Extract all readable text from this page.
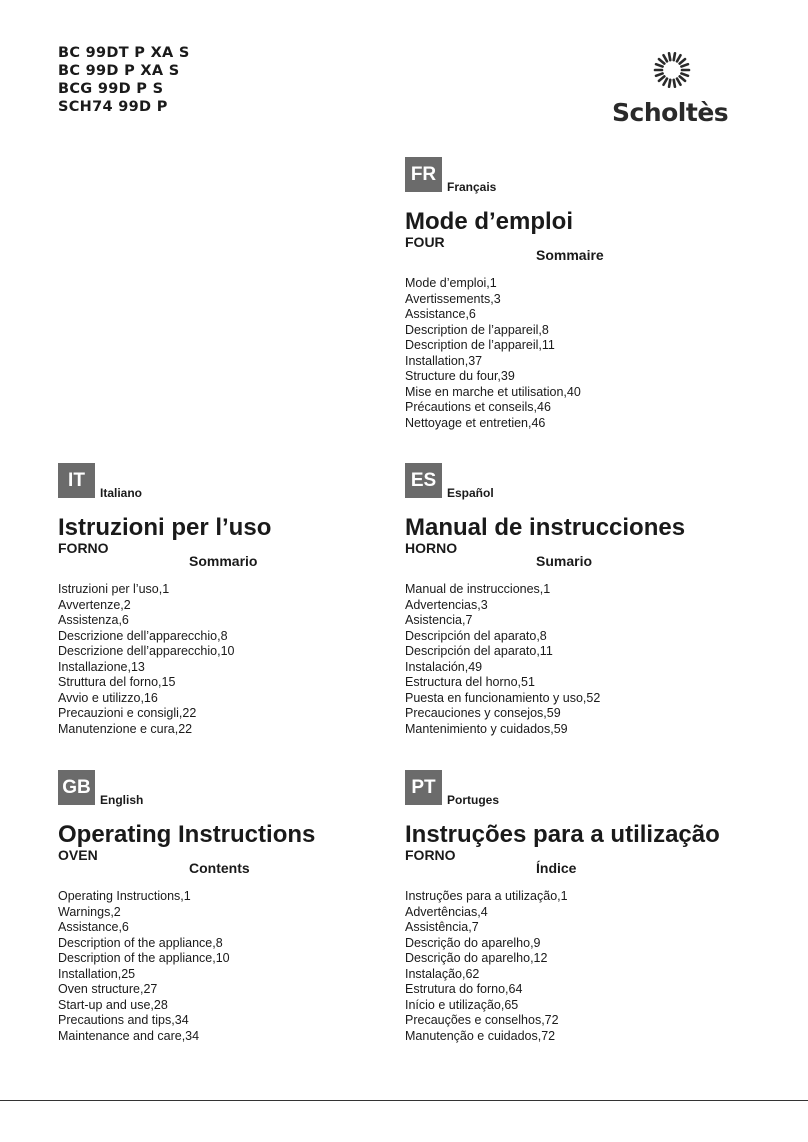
BC 99DT P XA S
BC 99D P XA S
BCG 99D P S
SCH74 99D P	Scholtès
FR
Français
Mode d’emploi
FOUR
Sommaire
Mode d’emploi,1
Avertissements,3
Assistance,6
Description de l’appareil,8
Description de l’appareil,11
Installation,37
Structure du four,39
Mise en marche et utilisation,40
Précautions et conseils,46
Nettoyage et entretien,46
IT
Italiano
Istruzioni per l’uso
FORNO
Sommario
Istruzioni per l’uso,1
Avvertenze,2
Assistenza,6
Descrizione dell’apparecchio,8
Descrizione dell’apparecchio,10
Installazione,13
Struttura del forno,15
Avvio e utilizzo,16
Precauzioni e consigli,22
Manutenzione e cura,22
ES
Español
Manual de instrucciones
HORNO
Sumario
Manual de instrucciones,1
Advertencias,3
Asistencia,7
Descripción del aparato,8
Descripción del aparato,11
Instalación,49
Estructura del horno,51
Puesta en funcionamiento y uso,52
Precauciones y consejos,59
Mantenimiento y cuidados,59
GB
English
Operating Instructions
OVEN
Contents
Operating Instructions,1
Warnings,2
Assistance,6
Description of the appliance,8
Description of the appliance,10
Installation,25
Oven structure,27
Start-up and use,28
Precautions and tips,34
Maintenance and care,34
PT
Portuges
Instruções para a utilização
FORNO
Índice
Instruções para a utilização,1
Advertências,4
Assistência,7
Descrição do aparelho,9
Descrição do aparelho,12
Instalação,62
Estrutura do forno,64
Início e utilização,65
Precauções e conselhos,72
Manutenção e cuidados,72
